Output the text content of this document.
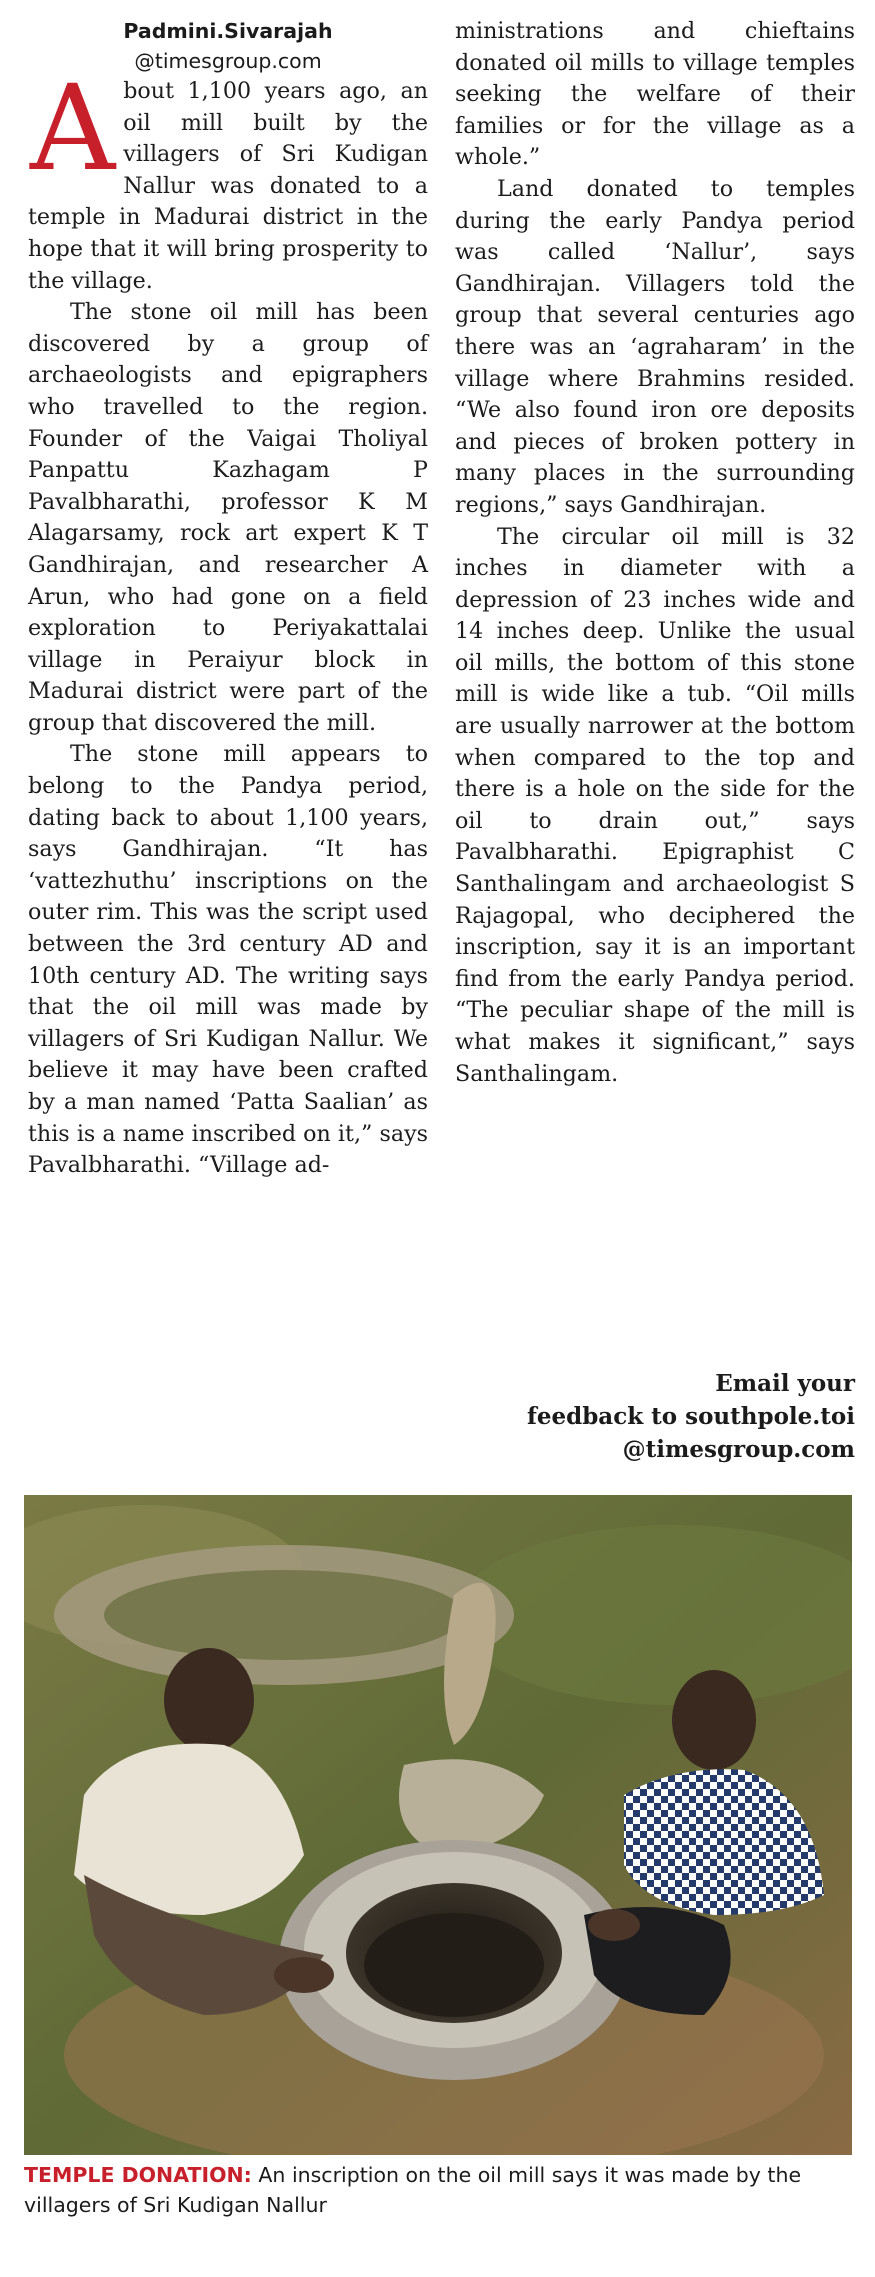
Padmini.Sivarajah
@timesgroup.com

About 1,100 years ago, an oil mill built by the villagers of Sri Kudigan Nallur was donated to a temple in Madurai district in the hope that it will bring prosperity to the village.

The stone oil mill has been discovered by a group of archaeologists and epigraphers who travelled to the region. Founder of the Vaigai Tholiyal Panpattu Kazhagam P Pavalbharathi, professor K M Alagarsamy, rock art expert K T Gandhirajan, and researcher A Arun, who had gone on a field exploration to Periyakattalai village in Peraiyur block in Madurai district were part of the group that discovered the mill.

The stone mill appears to belong to the Pandya period, dating back to about 1,100 years, says Gandhirajan. “It has ‘vattezhuthu’ inscriptions on the outer rim. This was the script used between the 3rd century AD and 10th century AD. The writing says that the oil mill was made by villagers of Sri Kudigan Nallur. We believe it may have been crafted by a man named ‘Patta Saalian’ as this is a name inscribed on it,” says Pavalbharathi. “Village ad-

ministrations and chieftains donated oil mills to village temples seeking the welfare of their families or for the village as a whole.”

Land donated to temples during the early Pandya period was called ‘Nallur’, says Gandhirajan. Villagers told the group that several centuries ago there was an ‘agraharam’ in the village where Brahmins resided. “We also found iron ore deposits and pieces of broken pottery in many places in the surrounding regions,” says Gandhirajan.

The circular oil mill is 32 inches in diameter with a depression of 23 inches wide and 14 inches deep. Unlike the usual oil mills, the bottom of this stone mill is wide like a tub. “Oil mills are usually narrower at the bottom when compared to the top and there is a hole on the side for the oil to drain out,” says Pavalbharathi. Epigraphist C Santhalingam and archaeologist S Rajagopal, who deciphered the inscription, say it is an important find from the early Pandya period. “The peculiar shape of the mill is what makes it significant,” says Santhalingam.

Email your
feedback to southpole.toi
@timesgroup.com
TEMPLE DONATION: An inscription on the oil mill says it was made by the villagers of Sri Kudigan Nallur
